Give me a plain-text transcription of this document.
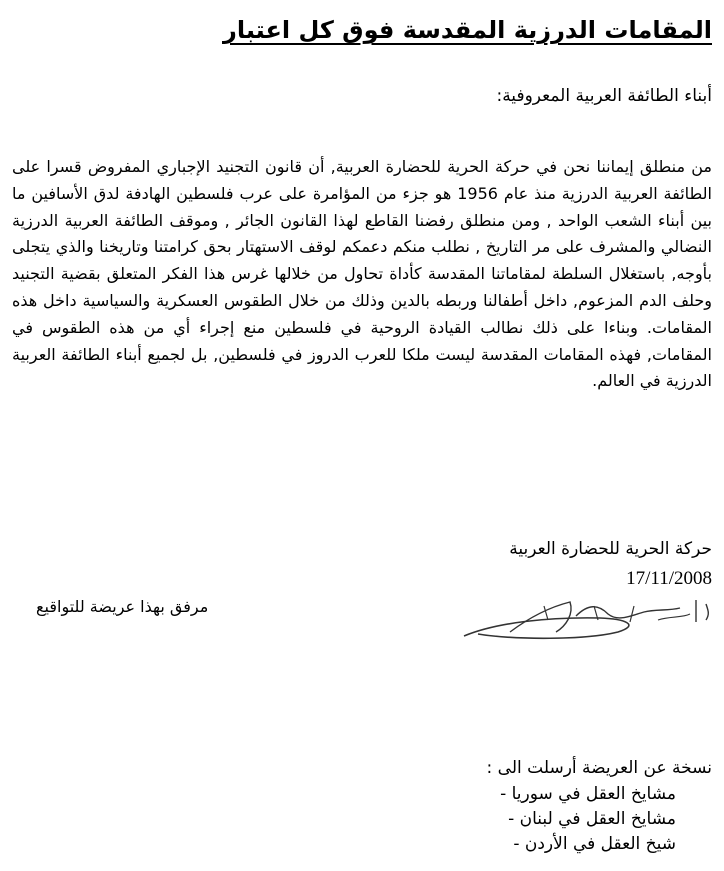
المقامات الدرزية المقدسة فوق كل اعتبار

أبناء الطائفة العربية المعروفية:

من منطلق إيماننا نحن في حركة الحرية للحضارة العربية, أن قانون التجنيد الإجباري المفروض قسرا على الطائفة العربية الدرزية منذ عام 1956 هو جزء من المؤامرة على عرب فلسطين الهادفة لدق الأسافين ما بين أبناء الشعب الواحد , ومن منطلق رفضنا القاطع لهذا القانون الجائر , وموقف الطائفة العربية الدرزية النضالي والمشرف على مر التاريخ , نطلب منكم دعمكم لوقف الاستهتار بحق كرامتنا وتاريخنا والذي يتجلى بأوجه, باستغلال السلطة لمقاماتنا المقدسة كأداة تحاول من خلالها غرس هذا الفكر المتعلق بقضية التجنيد وحلف الدم المزعوم, داخل أطفالنا وربطه بالدين وذلك من خلال الطقوس العسكرية والسياسية داخل هذه المقامات. وبناءا على ذلك نطالب القيادة الروحية في فلسطين منع إجراء أي من هذه الطقوس في المقامات, فهذه المقامات المقدسة ليست ملكا للعرب الدروز في فلسطين, بل لجميع أبناء الطائفة العربية الدرزية في العالم.

حركة الحرية للحضارة العربية
17/11/2008
مرفق بهذا عريضة للتواقيع

نسخة عن العريضة أرسلت الى :

مشايخ العقل في سوريا -
مشايخ العقل في لبنان -
شيخ العقل في الأردن -
